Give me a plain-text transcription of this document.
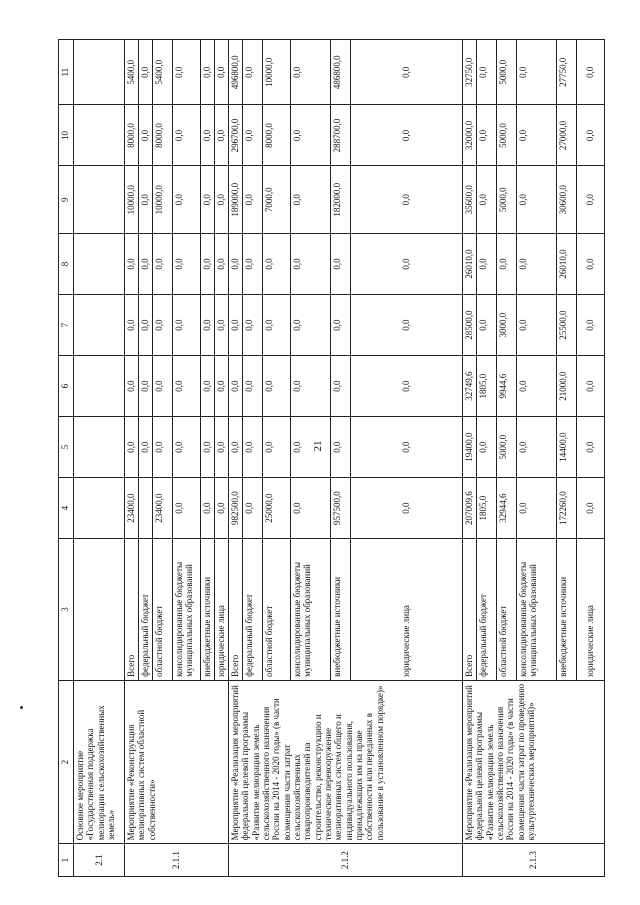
21
1	2	3	4	5	6	7	8	9	10	11
2.1	Основное мероприятие «Государственная поддержка мелиорации сельскохозяйственных земель»									
2.1.1	Мероприятие «Реконструкция мелиоративных систем областной собственности»	Всего	23400,0	0,0	0,0	0,0	0,0	10000,0	8000,0	5400,0
		федеральный бюджет		0,0	0,0	0,0	0,0	0,0	0,0	0,0
		областной бюджет	23400,0	0,0	0,0	0,0	0,0	10000,0	8000,0	5400,0
		консолидированные бюджеты муниципальных образований	0,0	0,0	0,0	0,0	0,0	0,0	0,0	0,0
		внебюджетные источники	0,0	0,0	0,0	0,0	0,0	0,0	0,0	0,0
		юридические лица	0,0	0,0	0,0	0,0	0,0	0,0	0,0	0,0
2.1.2	Мероприятие «Реализация мероприятий федеральной целевой программы «Развитие мелиорации земель сельскохозяйственного назначения России на 2014 - 2020 годы» (в части возмещения части затрат сельскохозяйственных товаропроизводителей на строительство, реконструкцию и техническое перевооружение мелиоративных систем общего и индивидуального пользования, принадлежащих им на праве собственности или переданных в пользование в установленном порядке)»	Всего	982500,0	0,0	0,0	0,0	0,0	189000,0	296700,0	496800,0
		федеральный бюджет	0,0	0,0	0,0	0,0	0,0	0,0	0,0	0,0
		областной бюджет	25000,0	0,0	0,0	0,0	0,0	7000,0	8000,0	10000,0
		консолидированные бюджеты муниципальных образований	0,0	0,0	0,0	0,0	0,0	0,0	0,0	0,0
		внебюджетные источники	957500,0	0,0	0,0	0,0	0,0	182000,0	288700,0	486800,0
		юридические лица	0,0	0,0	0,0	0,0	0,0	0,0	0,0	0,0
2.1.3	Мероприятие «Реализация мероприятий федеральной целевой программы «Развитие мелиорации земель сельскохозяйственного назначения России на 2014 - 2020 годы» (в части возмещения части затрат по проведению культуртехнических мероприятий)»	Всего	207009,6	19400,0	32749,6	28500,0	26010,0	35600,0	32000,0	32750,0
		федеральный бюджет	1805,0	0,0	1805,0	0,0	0,0	0,0	0,0	0,0
		областной бюджет	32944,6	5000,0	9944,6	3000,0	0,0	5000,0	5000,0	5000,0
		консолидированные бюджеты муниципальных образований	0,0	0,0	0,0	0,0	0,0	0,0	0,0	0,0
		внебюджетные источники	172260,0	14400,0	21000,0	25500,0	26010,0	30600,0	27000,0	27750,0
		юридические лица	0,0	0,0	0,0	0,0	0,0	0,0	0,0	0,0
